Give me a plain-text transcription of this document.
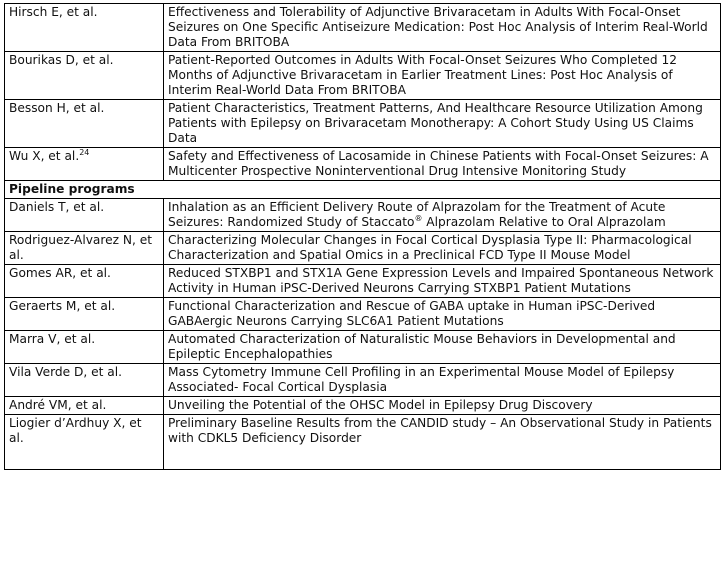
Hirsch E, et al.	Effectiveness and Tolerability of Adjunctive Brivaracetam in Adults With Focal-Onset Seizures on One Specific Antiseizure Medication: Post Hoc Analysis of Interim Real-World Data From BRITOBA
Bourikas D, et al.	Patient-Reported Outcomes in Adults With Focal-Onset Seizures Who Completed 12 Months of Adjunctive Brivaracetam in Earlier Treatment Lines: Post Hoc Analysis of Interim Real-World Data From BRITOBA
Besson H, et al.	Patient Characteristics, Treatment Patterns, And Healthcare Resource Utilization Among Patients with Epilepsy on Brivaracetam Monotherapy: A Cohort Study Using US Claims Data
Wu X, et al.$^{24}$	Safety and Effectiveness of Lacosamide in Chinese Patients with Focal-Onset Seizures: A Multicenter Prospective Noninterventional Drug Intensive Monitoring Study
Pipeline programs	
Daniels T, et al.	Inhalation as an Efficient Delivery Route of Alprazolam for the Treatment of Acute Seizures: Randomized Study of Staccato® Alprazolam Relative to Oral Alprazolam
Rodriguez-Alvarez N, et al.	Characterizing Molecular Changes in Focal Cortical Dysplasia Type II: Pharmacological Characterization and Spatial Omics in a Preclinical FCD Type II Mouse Model
Gomes AR, et al.	Reduced STXBP1 and STX1A Gene Expression Levels and Impaired Spontaneous Network Activity in Human iPSC-Derived Neurons Carrying STXBP1 Patient Mutations
Geraerts M, et al.	Functional Characterization and Rescue of GABA uptake in Human iPSC-Derived GABAergic Neurons Carrying SLC6A1 Patient Mutations
Marra V, et al.	Automated Characterization of Naturalistic Mouse Behaviors in Developmental and Epileptic Encephalopathies
Vila Verde D, et al.	Mass Cytometry Immune Cell Profiling in an Experimental Mouse Model of Epilepsy Associated- Focal Cortical Dysplasia
André VM, et al.	Unveiling the Potential of the OHSC Model in Epilepsy Drug Discovery
Liogier d’Ardhuy X, et al.	Preliminary Baseline Results from the CANDID study – An Observational Study in Patients with CDKL5 Deficiency Disorder
